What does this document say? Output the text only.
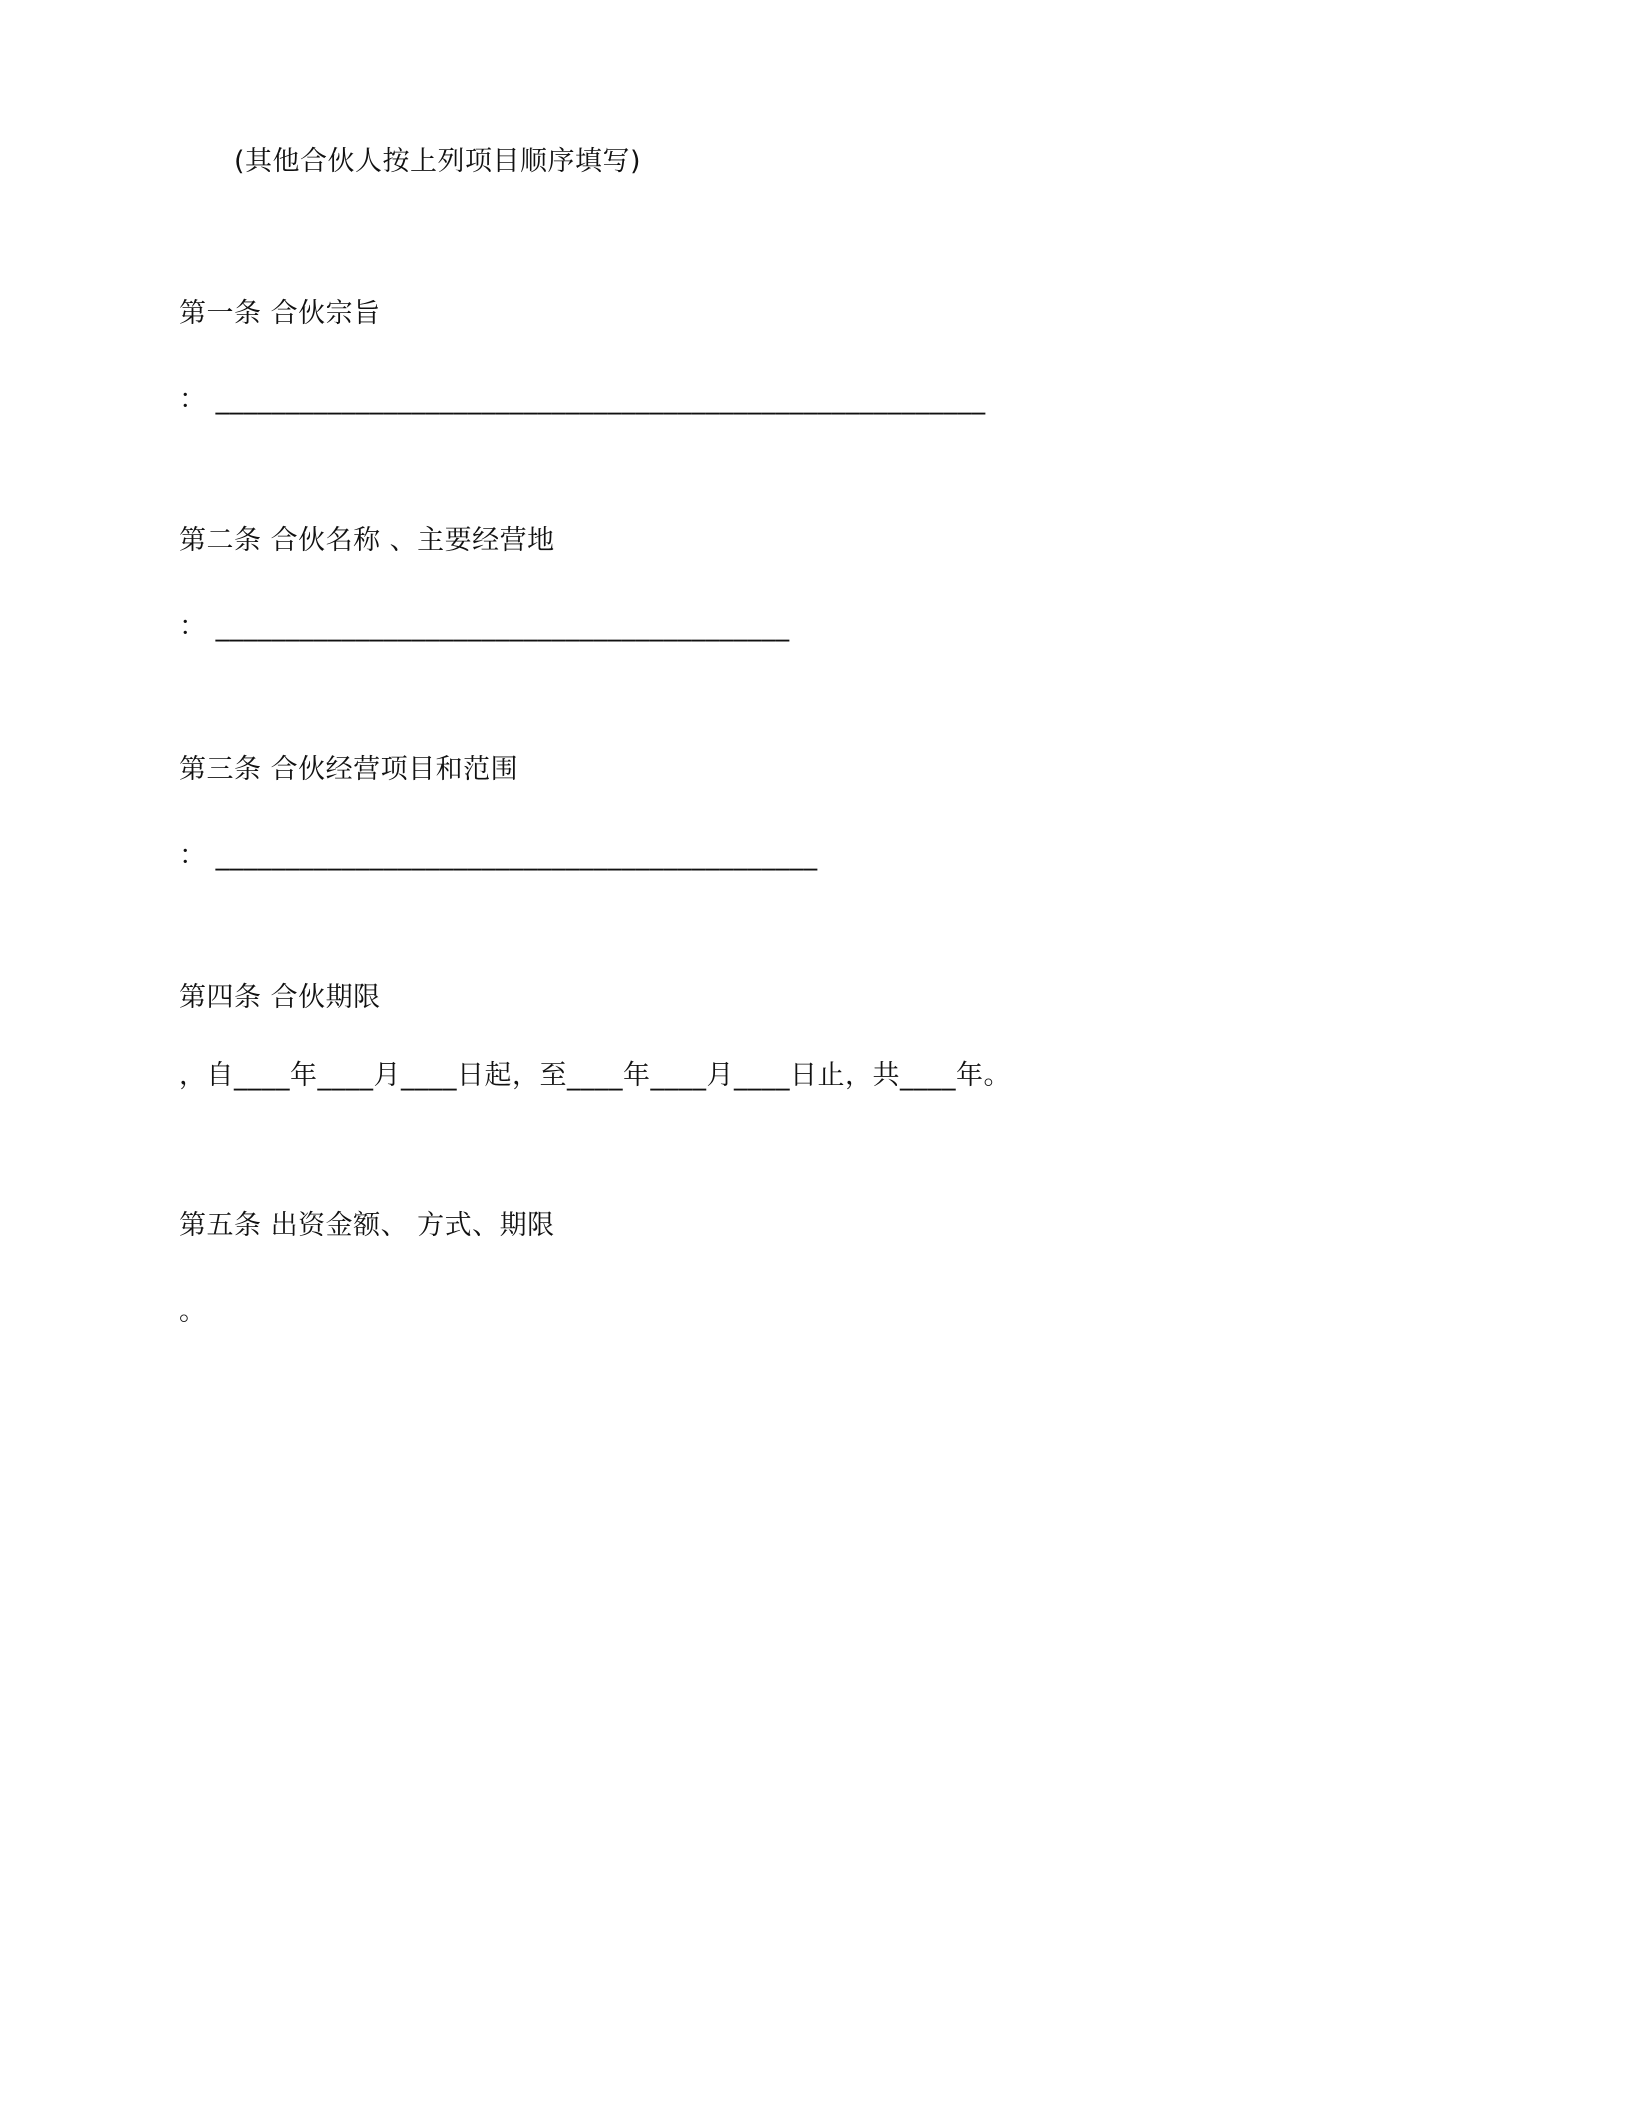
(其他合伙人按上列项目顺序填写)
第一条 合伙宗旨
： _______________________________________________________
第二条 合伙名称 、主要经营地
： _________________________________________
第三条 合伙经营项目和范围
： ___________________________________________
第四条 合伙期限
，自____年____月____日起，至____年____月____日止，共____年。
第五条 出资金额、 方式、期限
。
